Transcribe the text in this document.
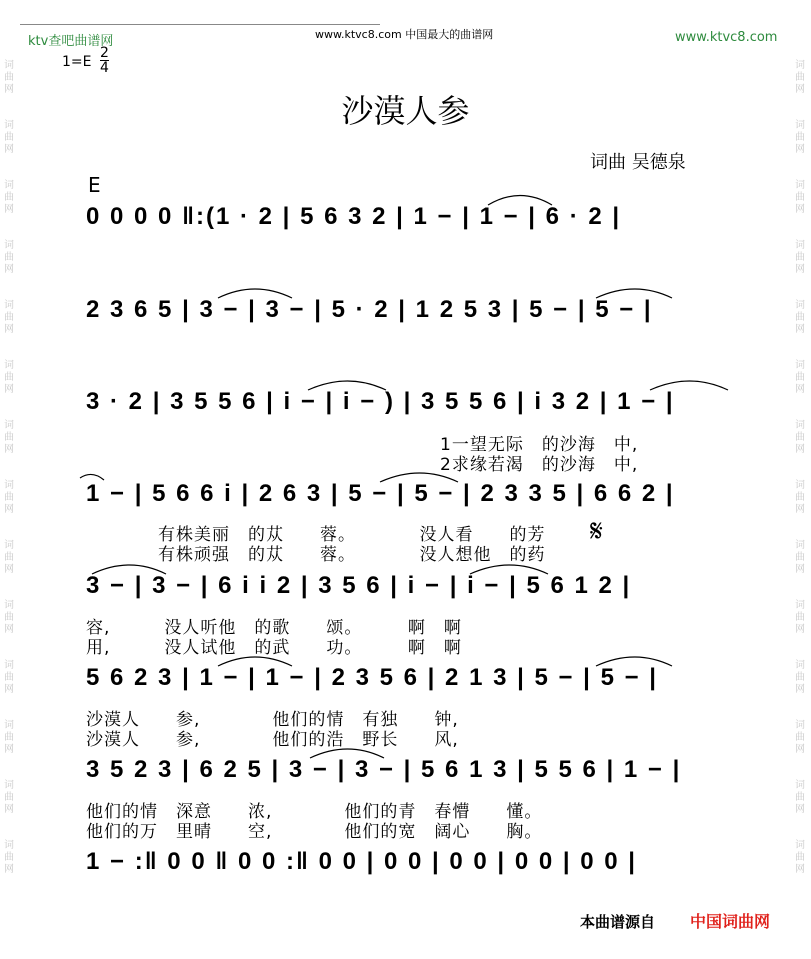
ktv查吧曲谱网	www.ktvc8.com 中国最大的曲谱网	www.ktvc8.com
$1=E \frac{2}{4}$
沙漠人参
词曲 吴德泉
E
0 0 0 0 ‖:(1 · 2 | 5 6 3 2 | 1 − | 1 − | 6 · 2 |
2 3 6 5 | 3 − | 3 − | 5 · 2 | 1 2 5 3 | 5 − | 5 − |
3 · 2 | 3 5 5 6 | i − | i − ) | 3 5 5 6 | i 3 2 | 1 − |
1一望无际　的沙海　中,
2求缘若渴　的沙海　中,
1 − | 5 6 6 i | 2 6 3 | 5 − | 5 − | 2 3 3 5 | 6 6 2 |
有株美丽　的苁　　蓉。　　　　没人看　　的芳
有株顽强　的苁　　蓉。　　　　没人想他　的药
𝄋
3 − | 3 − | 6 i i 2 | 3 5 6 | i − | i − | 5 6 1 2 |
容,　　　没人听他　的歌　　颂。　　　啊　啊
用,　　　没人试他　的武　　功。　　　啊　啊
5 6 2 3 | 1 − | 1 − | 2 3 5 6 | 2 1 3 | 5 − | 5 − |
沙漠人　　参,　　　　他们的情　有独　　钟,
沙漠人　　参,　　　　他们的浩　野长　　风,
3 5 2 3 | 6 2 5 | 3 − | 3 − | 5 6 1 3 | 5 5 6 | 1 − |
他们的情　深意　　浓,　　　　他们的青　春懵　　懂。
他们的万　里晴　　空,　　　　他们的宽　阔心　　胸。
1 − :‖ 0 0 ‖ 0 0 :‖ 0 0 | 0 0 | 0 0 | 0 0 | 0 0 |
词曲网
词曲网
词曲网
词曲网
词曲网
词曲网
词曲网
词曲网
词曲网
词曲网
词曲网
词曲网
词曲网
词曲网
词曲网
词曲网
词曲网
词曲网
词曲网
词曲网
词曲网
词曲网
词曲网
词曲网
词曲网
词曲网
词曲网
词曲网
本曲谱源自 中国词曲网
